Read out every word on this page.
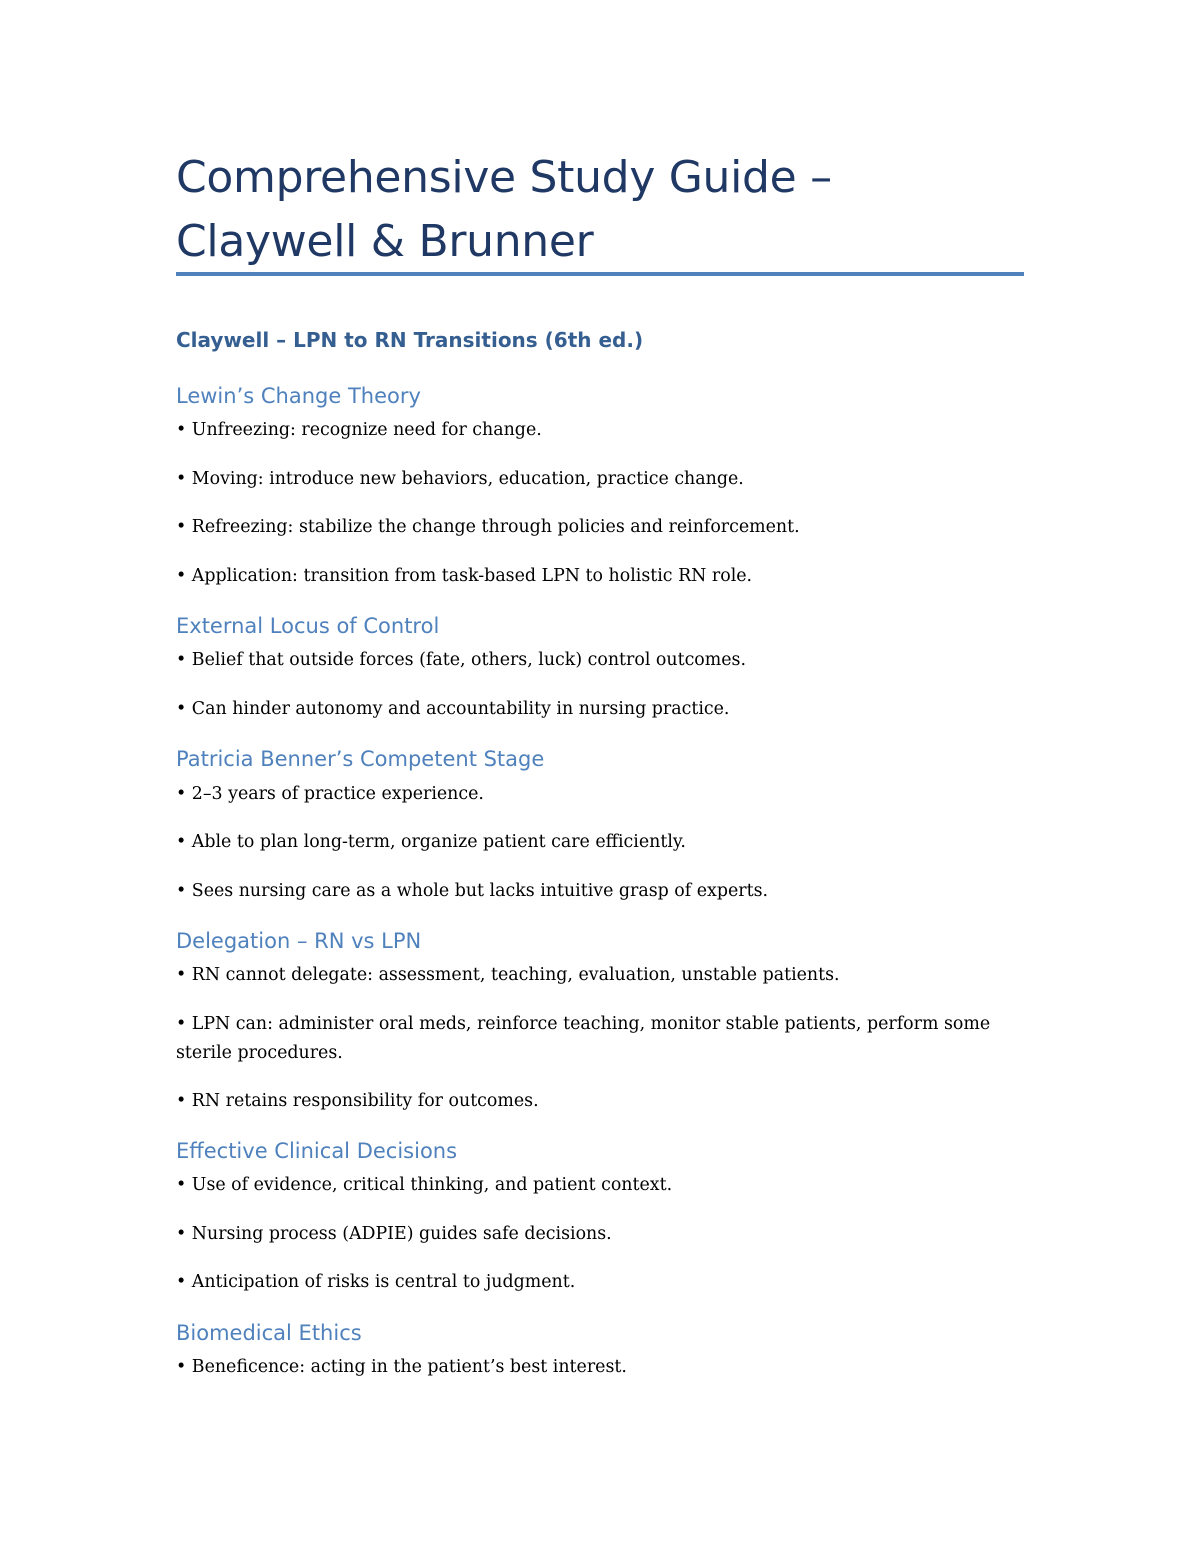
Comprehensive Study Guide – Claywell & Brunner
Claywell – LPN to RN Transitions (6th ed.)
Lewin’s Change Theory

• Unfreezing: recognize need for change.

• Moving: introduce new behaviors, education, practice change.

• Refreezing: stabilize the change through policies and reinforcement.

• Application: transition from task-based LPN to holistic RN role.

External Locus of Control

• Belief that outside forces (fate, others, luck) control outcomes.

• Can hinder autonomy and accountability in nursing practice.

Patricia Benner’s Competent Stage

• 2–3 years of practice experience.

• Able to plan long-term, organize patient care efficiently.

• Sees nursing care as a whole but lacks intuitive grasp of experts.

Delegation – RN vs LPN

• RN cannot delegate: assessment, teaching, evaluation, unstable patients.

• LPN can: administer oral meds, reinforce teaching, monitor stable patients, perform some sterile procedures.

• RN retains responsibility for outcomes.

Effective Clinical Decisions

• Use of evidence, critical thinking, and patient context.

• Nursing process (ADPIE) guides safe decisions.

• Anticipation of risks is central to judgment.

Biomedical Ethics

• Beneficence: acting in the patient’s best interest.
